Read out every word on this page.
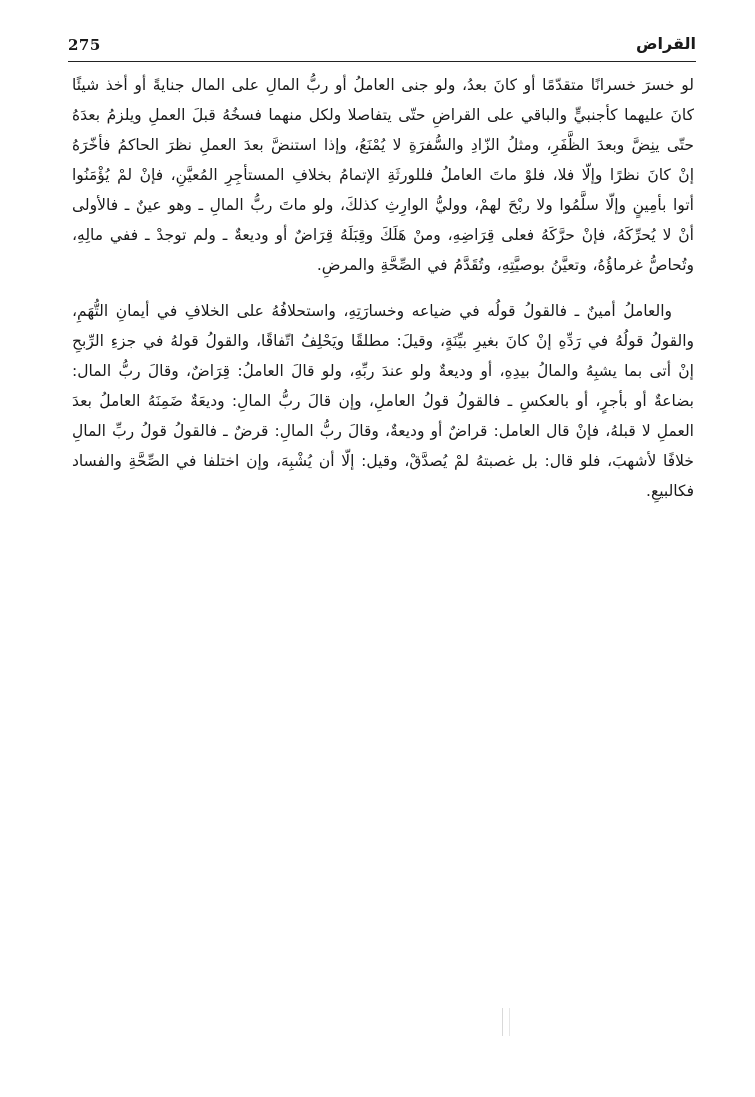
275	القراض

لو خسرَ خسرانًا متقدّمًا أو كانَ بعدُ، ولو جنى العاملُ أو ربُّ المالِ على المال جنايةً أو أخذ شيئًا كانَ عليهما كأجنبيٍّ والباقي على القراضِ حتّى يتفاصلا ولكل منهما فسخُهُ قبلَ العملِ ويلزمُ بعدَهُ حتّى ينِضَّ وبعدَ الظَّفَرِ، ومثلُ الزّادِ والسُّفرَةِ لا يُمْنَعُ، وإذا استنضَّ بعدَ العملِ نظرَ الحاكمُ فأخّرَهُ إنْ كانَ نظرًا وإلّا فلا، فلوْ ماتَ العاملُ فللورثَةِ الإتمامُ بخلافِ المستأجِرِ المُعيَّنِ، فإنْ لمْ يُؤْمَنُوا أتوا بأمِينٍ وإلّا سلَّمُوا ولا ربْحَ لهمْ، ووليُّ الوارِثِ كذلكَ، ولو ماتَ ربُّ المالِ ـ وهو عينٌ ـ فالأولى أنْ لا يُحرِّكَهُ، فإنْ حرَّكَهُ فعلى قِرَاضِهِ، ومنْ هَلَكَ وقِبَلَهُ قِرَاضٌ أو وديعةٌ ـ ولم توجدْ ـ ففي مالِهِ، وتُحاصُّ غرماؤُهُ، وتعيَّنُ بوصيَّتِهِ، وتُقَدَّمُ في الصِّحَّةِ والمرضِ.

والعاملُ أمينٌ ـ فالقولُ قولُه في ضياعه وخسارَتِهِ، واستحلافُهُ على الخلافِ في أيمانِ التُّهَمِ، والقولُ قولُهُ في رَدِّهِ إنْ كانَ بغيرِ بيِّنَةٍ، وقيلَ: مطلقًا ويَحْلِفُ اتّفاقًا، والقولُ قولهُ في جزءِ الرِّبحِ إنْ أتى بما يشبِهُ والمالُ بيدِهِ، أو وديعةٌ ولو عندَ ربِّهِ، ولو قالَ العاملُ: قِرَاضٌ، وقالَ ربُّ المال: بضاعةٌ أو بأجرٍ، أو بالعكسِ ـ فالقولُ قولُ العاملِ، وإن قالَ ربُّ المالِ: وديعَةٌ ضَمِنَهُ العاملُ بعدَ العملِ لا قبلهُ، فإنْ قال العامل: قراضٌ أو وديعةٌ، وقالَ ربُّ المالِ: قرضٌ ـ فالقولُ قولُ ربِّ المالِ خلافًا لأشهبَ، فلو قال: بل غصبتهُ لمْ يُصدَّقْ، وقيل: إلّا أن يُشْبِهَ، وإن اختلفا في الصِّحَّةِ والفساد فكالبيعِ.
